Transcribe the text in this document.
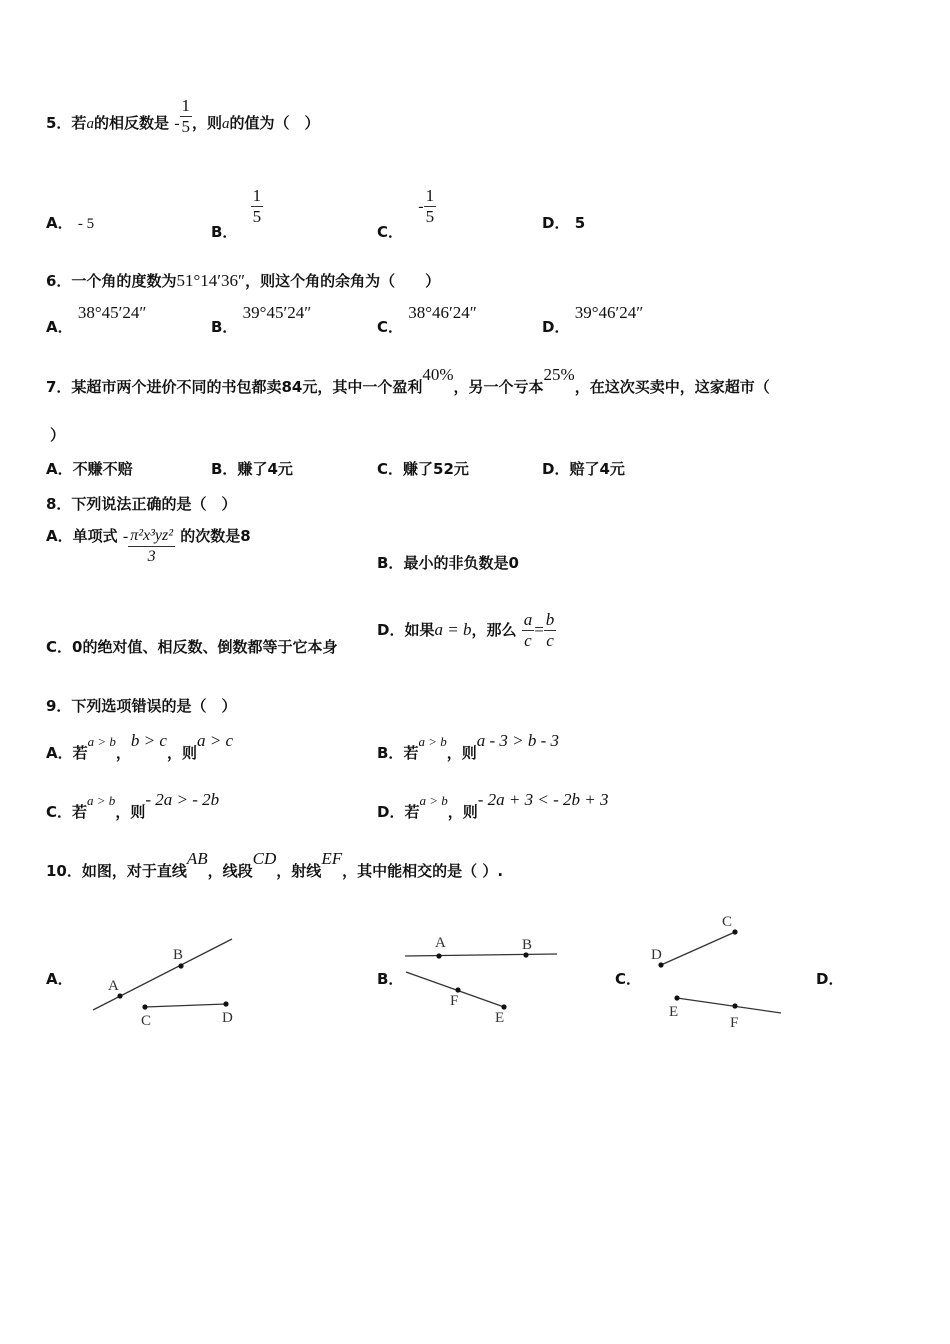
5．若a的相反数是 - $\frac{1}{5}$ ，则a的值为（　）
A． - 5	B．
$\frac{1}{5}$
C． - $\frac{1}{5}$	D． 5
6．一个角的度数为51°14′36″，则这个角的余角为（　　）
A． 38°45′24″
B． 39°45′24″
C． 38°46′24″
D． 39°46′24″
7．某超市两个进价不同的书包都卖84元，其中一个盈利40%，另一个亏本25%，在这次买卖中，这家超市（
）
A．不赚不赔	B．赚了4元	C．赚了52元	D．赔了4元
8．下列说法正确的是（　）
A．单项式 - $\frac{\text{π²x³yz²}}{3}$ 的次数是8
B．最小的非负数是0
C．0的绝对值、相反数、倒数都等于它本身
D．如果a = b，那么 $\frac{a}{c} = \frac{b}{c}$
9．下列选项错误的是（　）
A．若a > b，b > c，则a > c
B．若a > b，则a - 3 > b - 3
C．若a > b，则- 2a > - 2b
D．若a > b，则- 2a + 3 < - 2b + 3
10．如图，对于直线AB，线段CD，射线EF，其中能相交的是（ ）.
A．	B．	C．	D．
A
B
C	D
A	B
F
E
C
D
E
F
